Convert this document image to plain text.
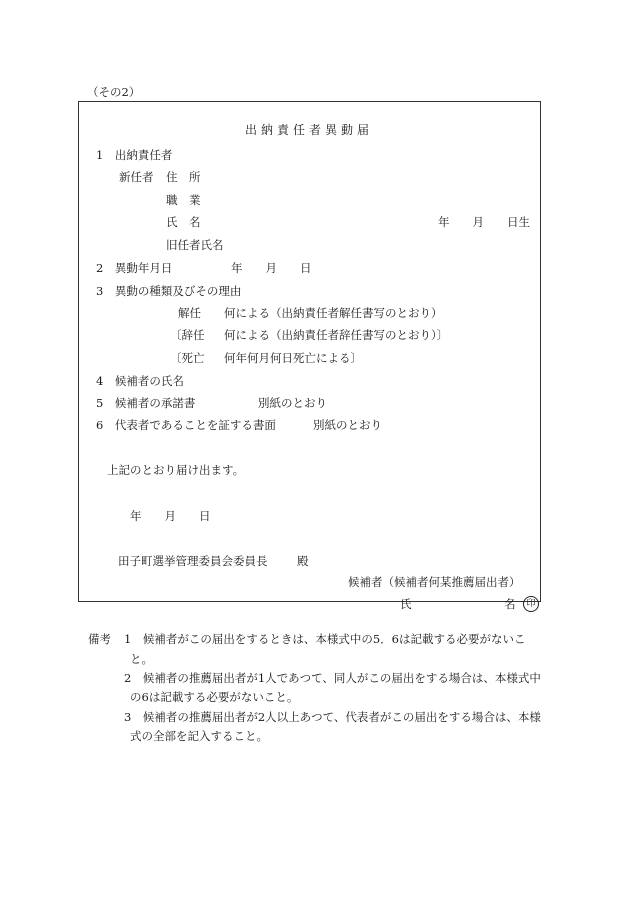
（その2）
出納責任者異動届
1　出納責任者
新任者 住　所
職　業
氏　名	年　　月　　日生
旧任者氏名
2　異動年月日	年　　月　　日
3　異動の種類及びその理由
解任 何による（出納責任者解任書写のとおり）
〔辞任 何による（出納責任者辞任書写のとおり）〕
〔死亡 何年何月何日死亡による〕
4　候補者の氏名
5　候補者の承諾書	別紙のとおり
6　代表者であることを証する書面	別紙のとおり
上記のとおり届け出ます。
年　　月　　日
田子町選挙管理委員会委員長	殿
候補者（候補者何某推薦届出者）
氏	名	印
備考 1　候補者がこの届出をするときは、本様式中の5．6は記載する必要がないこ
と。
2　候補者の推薦届出者が1人であつて、同人がこの届出をする場合は、本様式中
の6は記載する必要がないこと。
3　候補者の推薦届出者が2人以上あつて、代表者がこの届出をする場合は、本様
式の全部を記入すること。
